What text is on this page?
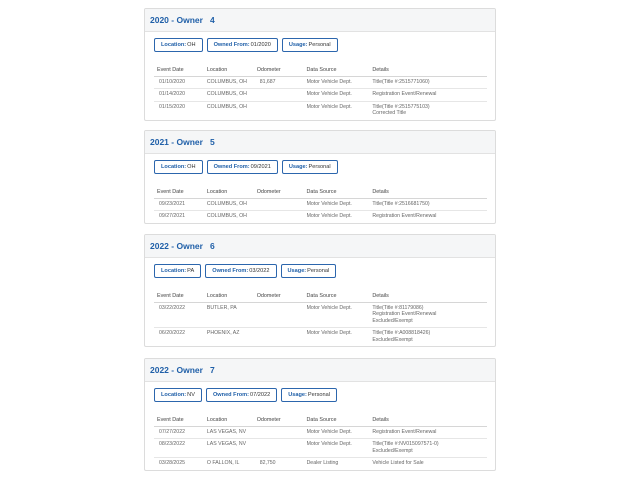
2020 - Owner 4
Location: OH	Owned From: 01/2020	Usage: Personal
Event Date	Location	Odometer	Data Source	Details
01/10/2020	COLUMBUS, OH	81,687	Motor Vehicle Dept.	Title(Title #:2515771060)
01/14/2020	COLUMBUS, OH	Motor Vehicle Dept.	Registration Event/Renewal
01/15/2020	COLUMBUS, OH	Motor Vehicle Dept.	Title(Title #:2515775103)
Corrected Title
2021 - Owner 5
Location: OH	Owned From: 09/2021	Usage: Personal
Event Date	Location	Odometer	Data Source	Details
09/23/2021	COLUMBUS, OH	Motor Vehicle Dept.	Title(Title #:2516681750)
09/27/2021	COLUMBUS, OH	Motor Vehicle Dept.	Registration Event/Renewal
2022 - Owner 6
Location: PA	Owned From: 03/2022	Usage: Personal
Event Date	Location	Odometer	Data Source	Details
03/22/2022	BUTLER, PA	Motor Vehicle Dept.	Title(Title #:81179086)
Registration Event/Renewal
Excluded/Exempt
06/20/2022	PHOENIX, AZ	Motor Vehicle Dept.	Title(Title #:A008818426)
Excluded/Exempt
2022 - Owner 7
Location: NV	Owned From: 07/2022	Usage: Personal
Event Date	Location	Odometer	Data Source	Details
07/27/2022	LAS VEGAS, NV	Motor Vehicle Dept.	Registration Event/Renewal
08/23/2022	LAS VEGAS, NV	Motor Vehicle Dept.	Title(Title #:NV015097571-0)
Excluded/Exempt
03/28/2025	O FALLON, IL	82,750	Dealer Listing	Vehicle Listed for Sale
